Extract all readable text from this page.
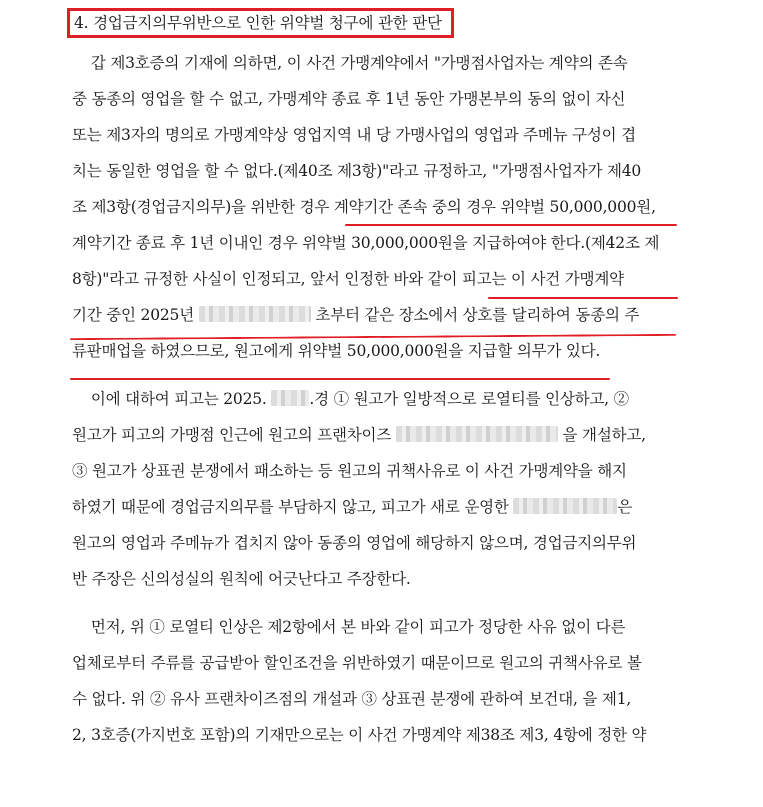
4. 경업금지의무위반으로 인한 위약벌 청구에 관한 판단
갑 제3호증의 기재에 의하면, 이 사건 가맹계약에서 "가맹점사업자는 계약의 존속
중 동종의 영업을 할 수 없고, 가맹계약 종료 후 1년 동안 가맹본부의 동의 없이 자신
또는 제3자의 명의로 가맹계약상 영업지역 내 당 가맹사업의 영업과 주메뉴 구성이 겹
치는 동일한 영업을 할 수 없다.(제40조 제3항)"라고 규정하고, "가맹점사업자가 제40
조 제3항(경업금지의무)을 위반한 경우 계약기간 존속 중의 경우 위약벌 50,000,000원,
계약기간 종료 후 1년 이내인 경우 위약벌 30,000,000원을 지급하여야 한다.(제42조 제
8항)"라고 규정한 사실이 인정되고, 앞서 인정한 바와 같이 피고는 이 사건 가맹계약
기간 중인 2025년	초부터 같은 장소에서 상호를 달리하여 동종의 주
류판매업을 하였으므로, 원고에게 위약벌 50,000,000원을 지급할 의무가 있다.
이에 대하여 피고는 2025. .경 ① 원고가 일방적으로 로열티를 인상하고, ②
원고가 피고의 가맹점 인근에 원고의 프랜차이즈	을 개설하고,
③ 원고가 상표권 분쟁에서 패소하는 등 원고의 귀책사유로 이 사건 가맹계약을 해지
하였기 때문에 경업금지의무를 부담하지 않고, 피고가 새로 운영한	은
원고의 영업과 주메뉴가 겹치지 않아 동종의 영업에 해당하지 않으며, 경업금지의무위
반 주장은 신의성실의 원칙에 어긋난다고 주장한다.
먼저, 위 ① 로열티 인상은 제2항에서 본 바와 같이 피고가 정당한 사유 없이 다른
업체로부터 주류를 공급받아 할인조건을 위반하였기 때문이므로 원고의 귀책사유로 볼
수 없다. 위 ② 유사 프랜차이즈점의 개설과 ③ 상표권 분쟁에 관하여 보건대, 을 제1,
2, 3호증(가지번호 포함)의 기재만으로는 이 사건 가맹계약 제38조 제3, 4항에 정한 약
